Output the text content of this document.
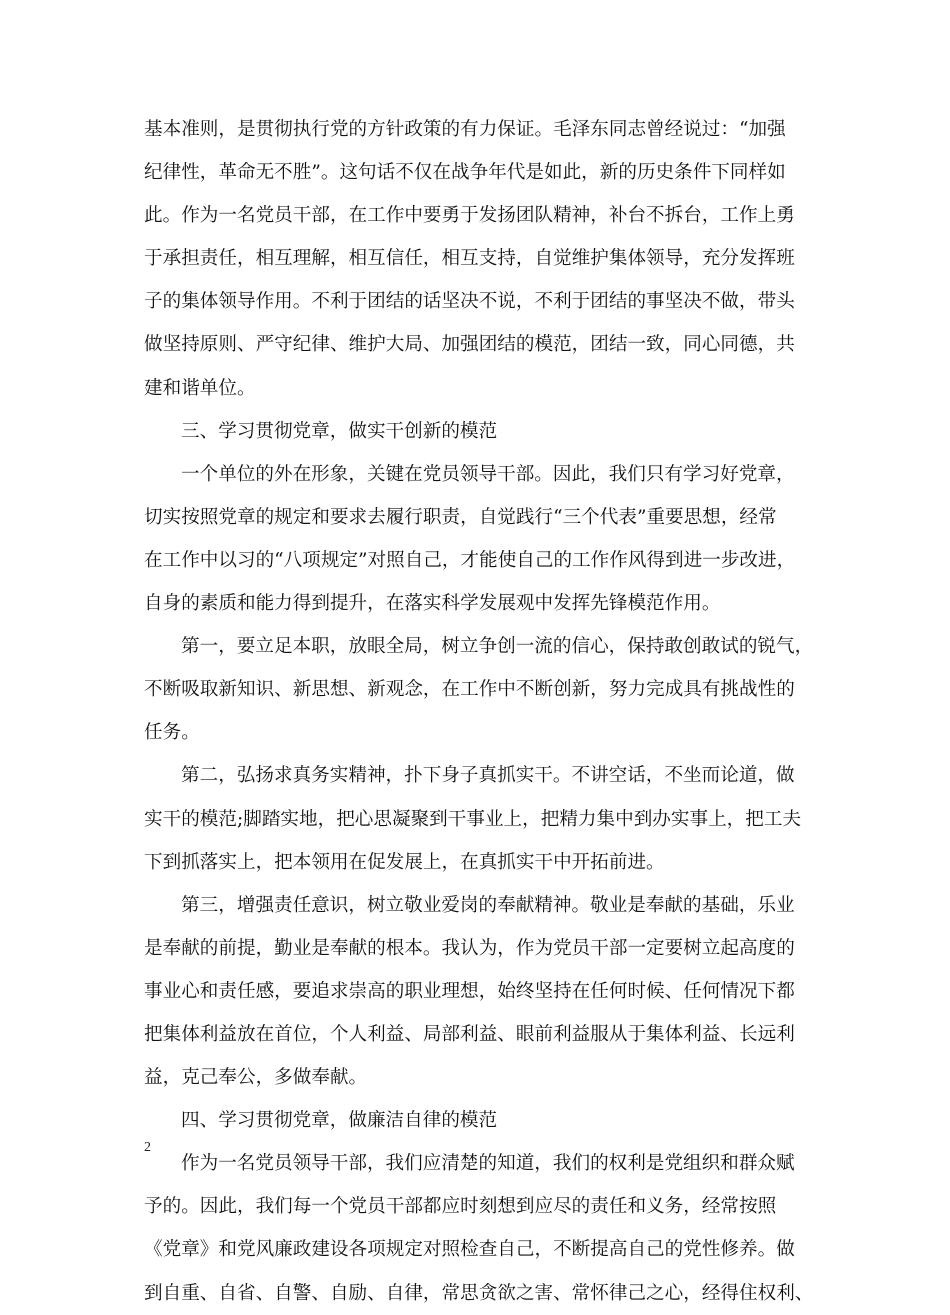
基本准则，是贯彻执行党的方针政策的有力保证。毛泽东同志曾经说过：“加强
纪律性，革命无不胜”。这句话不仅在战争年代是如此，新的历史条件下同样如
此。作为一名党员干部，在工作中要勇于发扬团队精神，补台不拆台，工作上勇
于承担责任，相互理解，相互信任，相互支持，自觉维护集体领导，充分发挥班
子的集体领导作用。不利于团结的话坚决不说，不利于团结的事坚决不做，带头
做坚持原则、严守纪律、维护大局、加强团结的模范，团结一致，同心同德，共
建和谐单位。
三、学习贯彻党章，做实干创新的模范
一个单位的外在形象，关键在党员领导干部。因此，我们只有学习好党章，
切实按照党章的规定和要求去履行职责，自觉践行“三个代表”重要思想，经常
在工作中以习的“八项规定”对照自己，才能使自己的工作作风得到进一步改进，
自身的素质和能力得到提升，在落实科学发展观中发挥先锋模范作用。
第一，要立足本职，放眼全局，树立争创一流的信心，保持敢创敢试的锐气，
不断吸取新知识、新思想、新观念，在工作中不断创新，努力完成具有挑战性的
任务。
第二，弘扬求真务实精神，扑下身子真抓实干。不讲空话，不坐而论道，做
实干的模范;脚踏实地，把心思凝聚到干事业上，把精力集中到办实事上，把工夫
下到抓落实上，把本领用在促发展上，在真抓实干中开拓前进。
第三，增强责任意识，树立敬业爱岗的奉献精神。敬业是奉献的基础，乐业
是奉献的前提，勤业是奉献的根本。我认为，作为党员干部一定要树立起高度的
事业心和责任感，要追求崇高的职业理想，始终坚持在任何时候、任何情况下都
把集体利益放在首位，个人利益、局部利益、眼前利益服从于集体利益、长远利
益，克己奉公，多做奉献。
四、学习贯彻党章，做廉洁自律的模范
作为一名党员领导干部，我们应清楚的知道，我们的权利是党组织和群众赋
予的。因此，我们每一个党员干部都应时刻想到应尽的责任和义务，经常按照
《党章》和党风廉政建设各项规定对照检查自己，不断提高自己的党性修养。做
到自重、自省、自警、自励、自律，常思贪欲之害、常怀律己之心，经得住权利、
2
